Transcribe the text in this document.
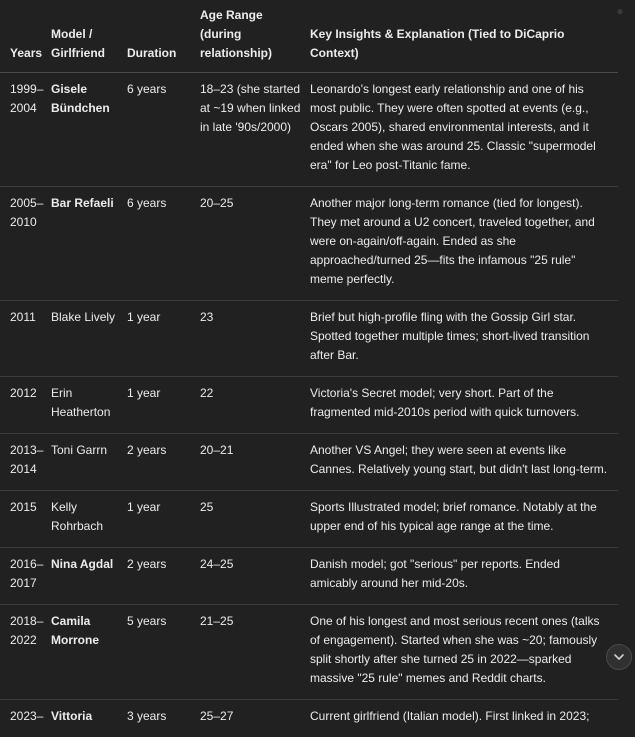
●
Years	Model / Girlfriend	Duration	Age Range (during relationship)	Key Insights & Explanation (Tied to DiCaprio Context)

1999–2004	Gisele Bündchen	6 years	18–23 (she started at ~19 when linked in late '90s/2000)	Leonardo's longest early relationship and one of his most public. They were often spotted at events (e.g., Oscars 2005), shared environmental interests, and it ended when she was around 25. Classic "supermodel era" for Leo post-Titanic fame.

2005–2010	Bar Refaeli	6 years	20–25	Another major long-term romance (tied for longest). They met around a U2 concert, traveled together, and were on-again/off-again. Ended as she approached/turned 25—fits the infamous "25 rule" meme perfectly.

2011	Blake Lively	1 year	23	Brief but high-profile fling with the Gossip Girl star. Spotted together multiple times; short-lived transition after Bar.

2012	Erin Heatherton	1 year	22	Victoria's Secret model; very short. Part of the fragmented mid-2010s period with quick turnovers.

2013–2014	Toni Garrn	2 years	20–21	Another VS Angel; they were seen at events like Cannes. Relatively young start, but didn't last long-term.

2015	Kelly Rohrbach	1 year	25	Sports Illustrated model; brief romance. Notably at the upper end of his typical age range at the time.

2016–2017	Nina Agdal	2 years	24–25	Danish model; got "serious" per reports. Ended amicably around her mid-20s.

2018–2022	Camila Morrone	5 years	21–25	One of his longest and most serious recent ones (talks of engagement). Started when she was ~20; famously split shortly after she turned 25 in 2022—sparked massive "25 rule" memes and Reddit charts.

2023–	Vittoria	3 years	25–27	Current girlfriend (Italian model). First linked in 2023;
